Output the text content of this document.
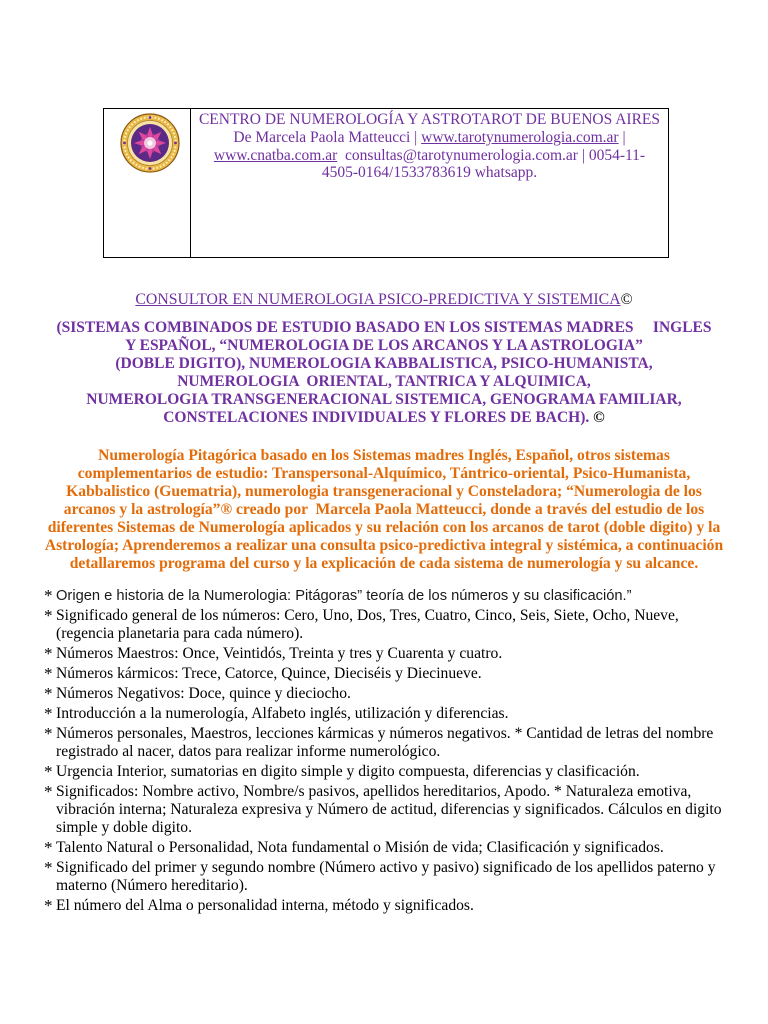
CENTRO DE NUMEROLOGÍA Y ASTROTAROT DE BUENOS AIRES
De Marcela Paola Matteucci | www.tarotynumerologia.com.ar |
www.cnatba.com.ar  consultas@tarotynumerologia.com.ar | 0054-11-
4505-0164/1533783619 whatsapp.
CONSULTOR EN NUMEROLOGIA PSICO-PREDICTIVA Y SISTEMICA©
(SISTEMAS COMBINADOS DE ESTUDIO BASADO EN LOS SISTEMAS MADRES     INGLES
Y ESPAÑOL, “NUMEROLOGIA DE LOS ARCANOS Y LA ASTROLOGIA”
(DOBLE DIGITO), NUMEROLOGIA KABBALISTICA, PSICO-HUMANISTA,
NUMEROLOGIA  ORIENTAL, TANTRICA Y ALQUIMICA,
NUMEROLOGIA TRANSGENERACIONAL SISTEMICA, GENOGRAMA FAMILIAR,
CONSTELACIONES INDIVIDUALES Y FLORES DE BACH). ©
Numerología Pitagórica basado en los Sistemas madres Inglés, Español, otros sistemas
complementarios de estudio: Transpersonal-Alquímico, Tántrico-oriental, Psico-Humanista,
Kabbalistico (Guematria), numerologia transgeneracional y Consteladora; “Numerologia de los
arcanos y la astrología”® creado por  Marcela Paola Matteucci, donde a través del estudio de los
diferentes Sistemas de Numerología aplicados y su relación con los arcanos de tarot (doble digito) y la
Astrología; Aprenderemos a realizar una consulta psico-predictiva integral y sistémica, a continuación
detallaremos programa del curso y la explicación de cada sistema de numerología y su alcance.
* Origen e historia de la Numerologia: Pitágoras” teoría de los números y su clasificación.”
* Significado general de los números: Cero, Uno, Dos, Tres, Cuatro, Cinco, Seis, Siete, Ocho, Nueve,
(regencia planetaria para cada número).
* Números Maestros: Once, Veintidós, Treinta y tres y Cuarenta y cuatro.
* Números kármicos: Trece, Catorce, Quince, Dieciséis y Diecinueve.
* Números Negativos: Doce, quince y dieciocho.
* Introducción a la numerología, Alfabeto inglés, utilización y diferencias.
* Números personales, Maestros, lecciones kármicas y números negativos. * Cantidad de letras del nombre
registrado al nacer, datos para realizar informe numerológico.
* Urgencia Interior, sumatorias en digito simple y digito compuesta, diferencias y clasificación.
* Significados: Nombre activo, Nombre/s pasivos, apellidos hereditarios, Apodo. * Naturaleza emotiva,
vibración interna; Naturaleza expresiva y Número de actitud, diferencias y significados. Cálculos en digito
simple y doble digito.
* Talento Natural o Personalidad, Nota fundamental o Misión de vida; Clasificación y significados.
* Significado del primer y segundo nombre (Número activo y pasivo) significado de los apellidos paterno y
materno (Número hereditario).
* El número del Alma o personalidad interna, método y significados.
